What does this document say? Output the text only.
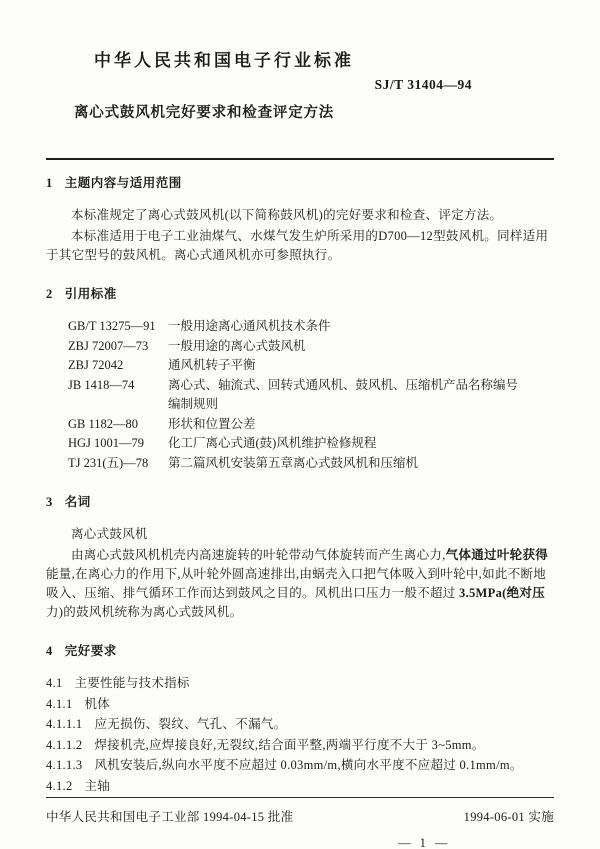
中华人民共和国电子行业标准
SJ/T 31404—94
离心式鼓风机完好要求和检查评定方法
1 主题内容与适用范围

本标准规定了离心式鼓风机(以下简称鼓风机)的完好要求和检查、评定方法。

本标准适用于电子工业油煤气、水煤气发生炉所采用的D700—12型鼓风机。同样适用于其它型号的鼓风机。离心式通风机亦可参照执行。

2 引用标准
GB/T 13275—91 一般用途离心通风机技术条件
ZBJ 72007—73	一般用途的离心式鼓风机
ZBJ 72042	通风机转子平衡
JB 1418—74	离心式、轴流式、回转式通风机、鼓风机、压缩机产品名称编号编制规则
GB 1182—80	形状和位置公差
HGJ 1001—79	化工厂离心式通(鼓)风机维护检修规程
TJ 231(五)—78	第二篇风机安装第五章离心式鼓风机和压缩机
3 名词

离心式鼓风机

由离心式鼓风机机壳内高速旋转的叶轮带动气体旋转而产生离心力,气体通过叶轮获得能量,在离心力的作用下,从叶轮外圆高速排出,由蜗壳入口把气体吸入到叶轮中,如此不断地吸入、压缩、排气循环工作而达到鼓风之目的。风机出口压力一般不超过 3.5MPa(绝对压力)的鼓风机统称为离心式鼓风机。

4 完好要求
4.1 主要性能与技术指标
4.1.1 机体
4.1.1.1 应无损伤、裂纹、气孔、不漏气。
4.1.1.2 焊接机壳,应焊接良好,无裂纹,结合面平整,两端平行度不大于 3~5mm。
4.1.1.3 风机安装后,纵向水平度不应超过 0.03mm/m,横向水平度不应超过 0.1mm/m。
4.1.2 主轴
中华人民共和国电子工业部 1994-04-15 批准	1994-06-01 实施
— 1 —
